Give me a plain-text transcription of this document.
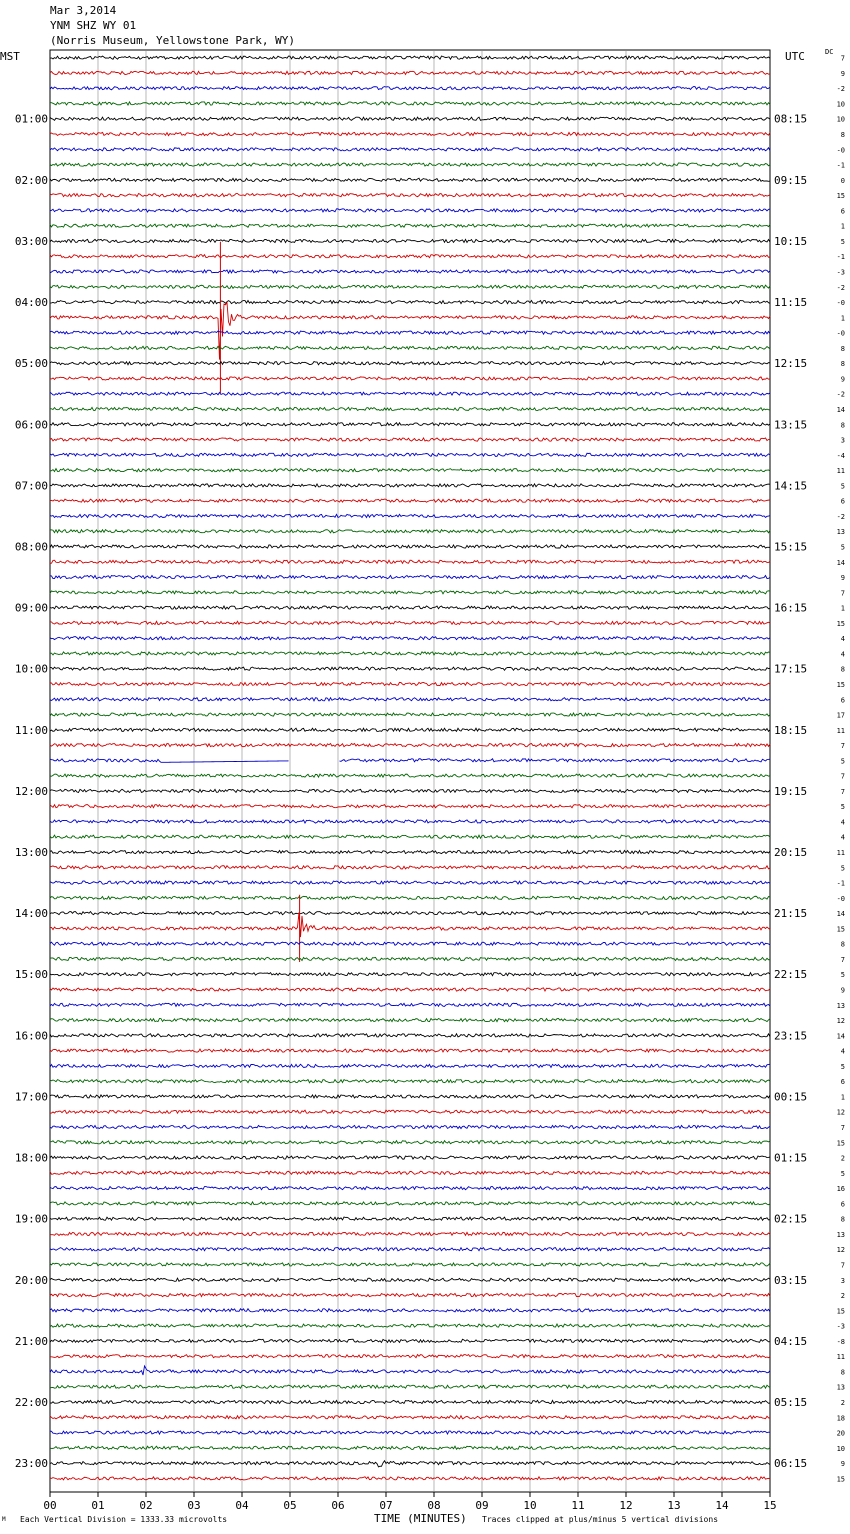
Mar 3,2014
YNM SHZ WY 01
(Norris Museum, Yellowstone Park, WY)
MST	UTC	DC
00	01	02	03	04	05	06	07	08	09	10	11	12	13	14	15
7
9
-2
10
10
8
-0
-1
0
15
6
1
5
-1
-3
-2
-0
1
-0
8
8
9
-2
14
8
3
-4
11
5
6
-2
13
5
14
9
7
1
15
4
4
8
15
6
17
11
7
5
7
7
5
4
4
11
5
-1
-0
14
15
8
7
5
9
13
12
14
4
5
6
1
12
7
15
2
5
16
6
8
13
12
7
3
2
15
-3
-8
11
8
13
2
18
20
10
9
15
01:00	08:15
02:00	09:15
03:00	10:15
04:00	11:15
05:00	12:15
06:00	13:15
07:00	14:15
08:00	15:15
09:00	16:15
10:00	17:15
11:00	18:15
12:00	19:15
13:00	20:15
14:00	21:15
15:00	22:15
16:00	23:15
17:00	00:15
18:00	01:15
19:00	02:15
20:00	03:15
21:00	04:15
22:00	05:15
23:00	06:15
TIME (MINUTES)
M Each Vertical Division = 1333.33 microvolts	Traces clipped at plus/minus 5 vertical divisions
